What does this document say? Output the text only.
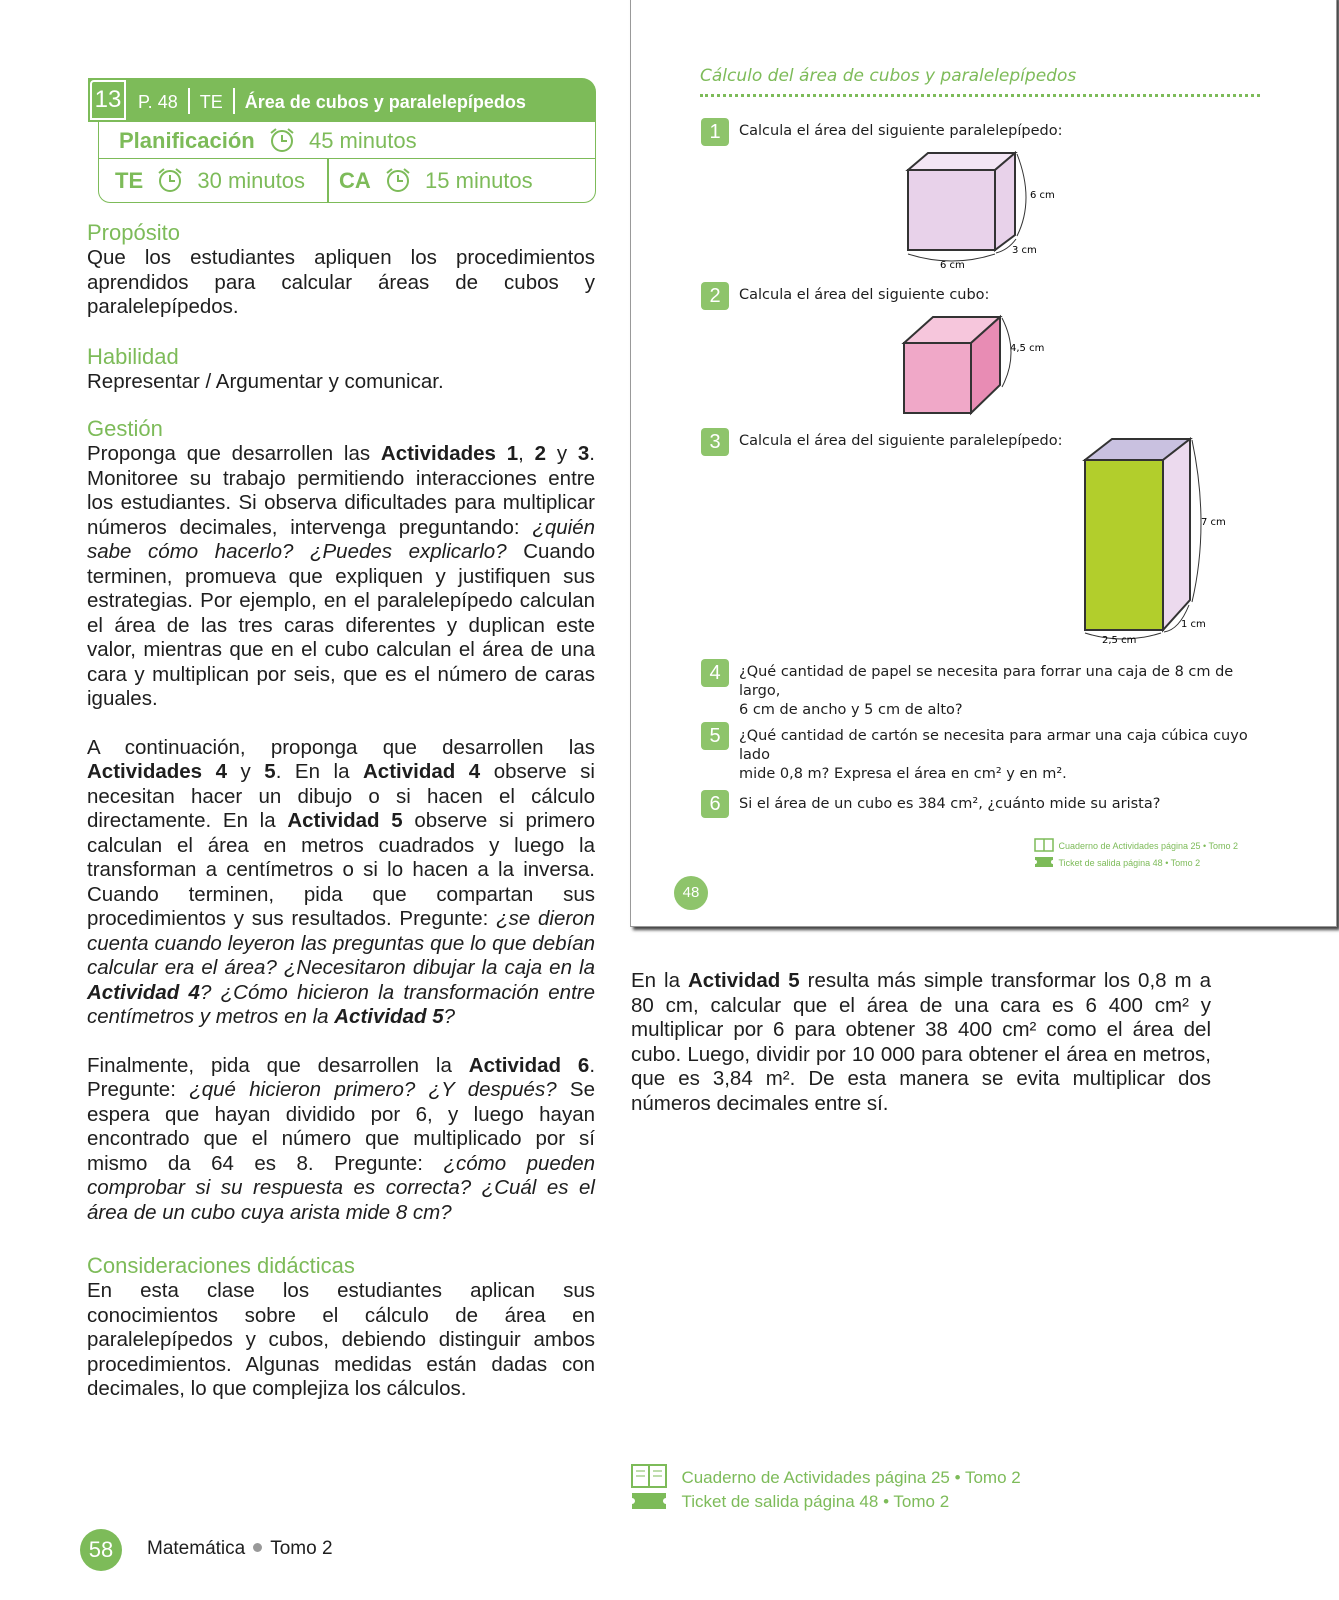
13 P. 48 TE Área de cubos y paralelepípedos
Planificación 45 minutos
TE 30 minutos CA 15 minutos
Propósito

Que los estudiantes apliquen los procedimientos aprendidos para calcular áreas de cubos y paralelepípedos.

Habilidad

Representar / Argumentar y comunicar.

Gestión

Proponga que desarrollen las Actividades 1, 2 y 3. Monitoree su trabajo permitiendo interacciones entre los estudiantes. Si observa dificultades para multiplicar números decimales, intervenga preguntando: ¿quién sabe cómo hacerlo? ¿Puedes explicarlo? Cuando terminen, promueva que expliquen y justifiquen sus estrategias. Por ejemplo, en el paralelepípedo calculan el área de las tres caras diferentes y duplican este valor, mientras que en el cubo calculan el área de una cara y multiplican por seis, que es el número de caras iguales.

A continuación, proponga que desarrollen las Actividades 4 y 5. En la Actividad 4 observe si necesitan hacer un dibujo o si hacen el cálculo directamente. En la Actividad 5 observe si primero calculan el área en metros cuadrados y luego la transforman a centímetros o si lo hacen a la inversa. Cuando terminen, pida que compartan sus procedimientos y sus resultados. Pregunte: ¿se dieron cuenta cuando leyeron las preguntas que lo que debían calcular era el área? ¿Necesitaron dibujar la caja en la Actividad 4? ¿Cómo hicieron la transformación entre centímetros y metros en la Actividad 5?

Finalmente, pida que desarrollen la Actividad 6. Pregunte: ¿qué hicieron primero? ¿Y después? Se espera que hayan dividido por 6, y luego hayan encontrado que el número que multiplicado por sí mismo da 64 es 8. Pregunte: ¿cómo pueden comprobar si su respuesta es correcta? ¿Cuál es el área de un cubo cuya arista mide 8 cm?

Consideraciones didácticas

En esta clase los estudiantes aplican sus conocimientos sobre el cálculo de área en paralelepípedos y cubos, debiendo distinguir ambos procedimientos. Algunas medidas están dadas con decimales, lo que complejiza los cálculos.

Cálculo del área de cubos y paralelepípedos
1	Calcula el área del siguiente paralelepípedo:
6 cm
3 cm
6 cm
2	Calcula el área del siguiente cubo:
4,5 cm
3	Calcula el área del siguiente paralelepípedo:
7 cm
1 cm
2,5 cm
4	¿Qué cantidad de papel se necesita para forrar una caja de 8 cm de largo,
6 cm de ancho y 5 cm de alto?
5	¿Qué cantidad de cartón se necesita para armar una caja cúbica cuyo lado
mide 0,8 m? Expresa el área en cm² y en m².
6	Si el área de un cubo es 384 cm², ¿cuánto mide su arista?
Cuaderno de Actividades página 25 • Tomo 2
Ticket de salida página 48 • Tomo 2
48
En la Actividad 5 resulta más simple transformar los 0,8 m a 80 cm, calcular que el área de una cara es 6 400 cm² y multiplicar por 6 para obtener 38 400 cm² como el área del cubo. Luego, dividir por 10 000 para obtener el área en metros, que es 3,84 m². De esta manera se evita multiplicar dos números decimales entre sí.
Cuaderno de Actividades página 25 • Tomo 2
Ticket de salida página 48 • Tomo 2
58	Matemática Tomo 2
